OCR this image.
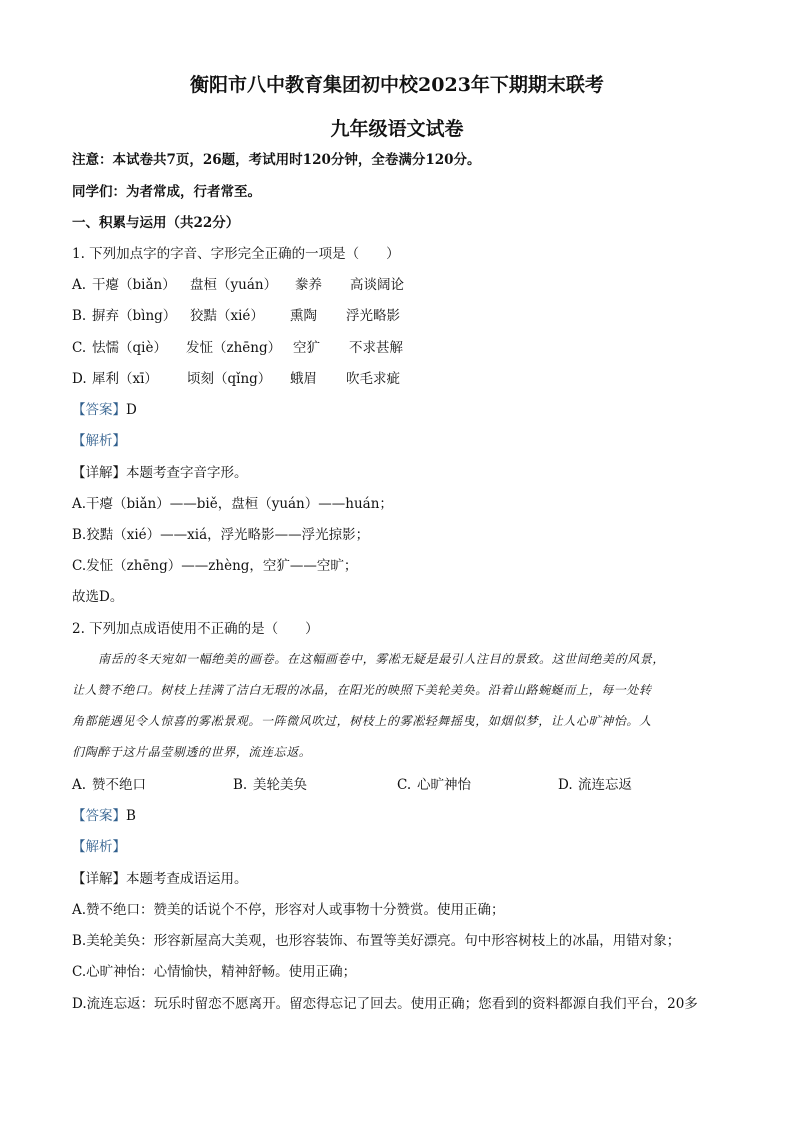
衡阳市八中教育集团初中校2023年下期期末联考
九年级语文试卷
注意：本试卷共7页，26题，考试用时120分钟，全卷满分120分。
同学们：为者常成，行者常至。
一、积累与运用（共22分）
1. 下列加点字的字音、字形完全正确的一项是（　　）
A. 干瘪（biǎn） 盘桓（yuán） 豢养 高谈阔论
B. 摒弃（bìng） 狡黠（xié） 熏陶 浮光略影
C. 怯懦（qiè） 发怔（zhēng） 空犷 不求甚解
D. 犀利（xī） 顷刻（qǐng） 蛾眉 吹毛求疵
【答案】D
【解析】
【详解】本题考查字音字形。
A.干瘪（biǎn）——biě，盘桓（yuán）——huán；
B.狡黠（xié）——xiá，浮光略影——浮光掠影；
C.发怔（zhēng）——zhèng，空犷——空旷；
故选D。
2. 下列加点成语使用不正确的是（　　）
南岳的冬天宛如一幅绝美的画卷。在这幅画卷中，雾凇无疑是最引人注目的景致。这世间绝美的风景，
让人赞不绝口。树枝上挂满了洁白无瑕的冰晶，在阳光的映照下美轮美奂。沿着山路蜿蜒而上，每一处转
角都能遇见令人惊喜的雾凇景观。一阵微风吹过，树枝上的雾凇轻舞摇曳，如烟似梦，让人心旷神怡。人
们陶醉于这片晶莹剔透的世界，流连忘返。
A. 赞不绝口	B. 美轮美奂	C. 心旷神怡	D. 流连忘返
【答案】B
【解析】
【详解】本题考查成语运用。
A.赞不绝口：赞美的话说个不停，形容对人或事物十分赞赏。使用正确；
B.美轮美奂：形容新屋高大美观，也形容装饰、布置等美好漂亮。句中形容树枝上的冰晶，用错对象；
C.心旷神怡：心情愉快，精神舒畅。使用正确；
D.流连忘返：玩乐时留恋不愿离开。留恋得忘记了回去。使用正确；您看到的资料都源自我们平台，20多
